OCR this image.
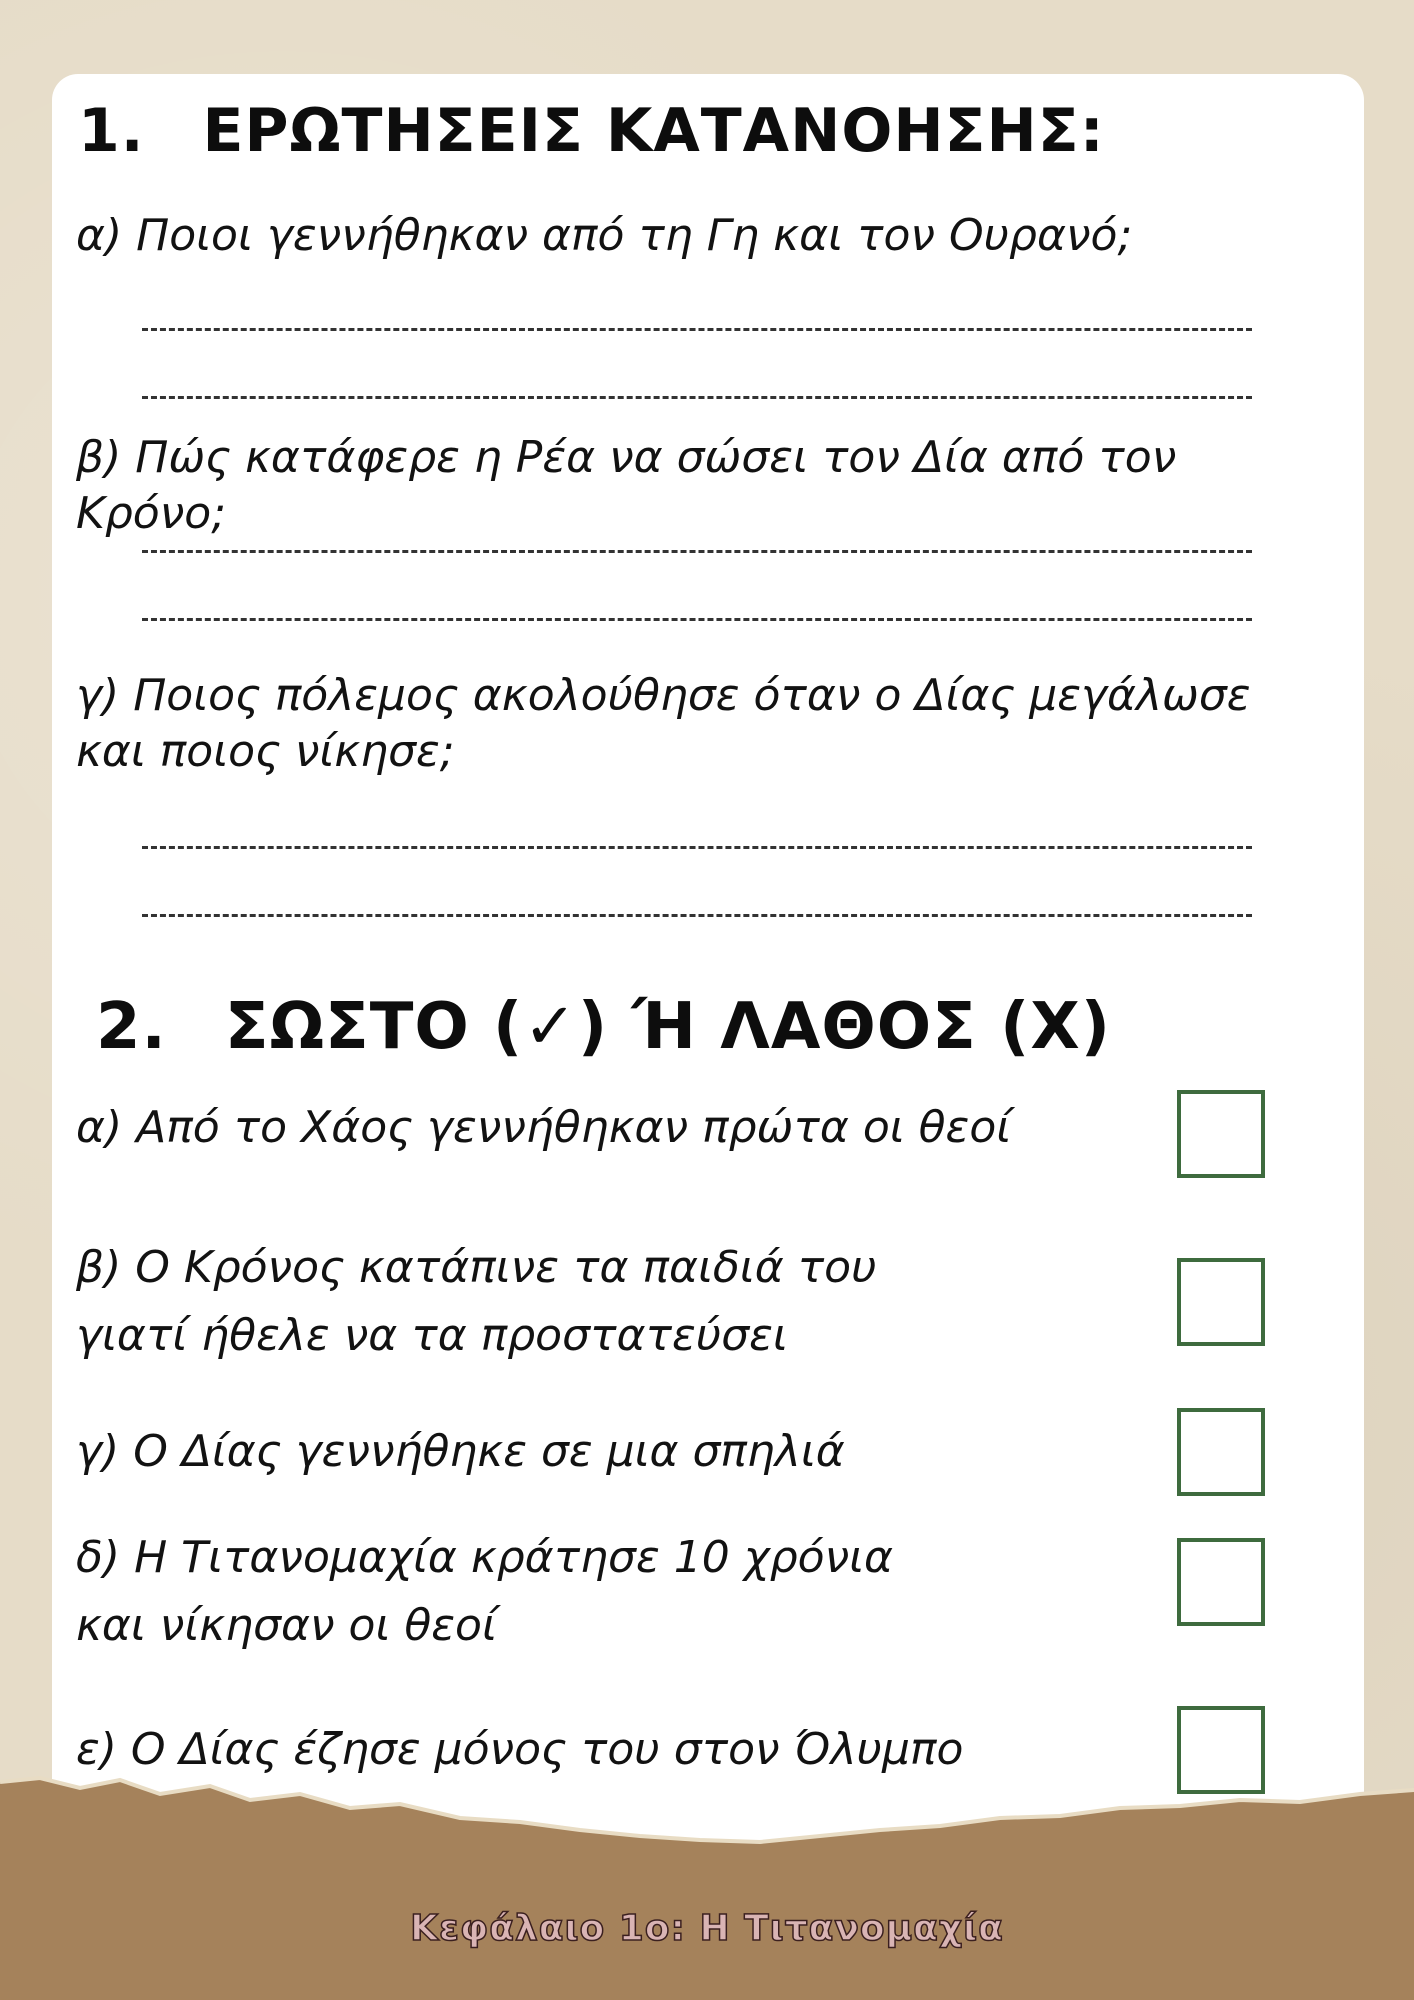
1. ΕΡΩΤΗΣΕΙΣ ΚΑΤΑΝΟΗΣΗΣ:
α) Ποιοι γεννήθηκαν από τη Γη και τον Ουρανό;
β) Πώς κατάφερε η Ρέα να σώσει τον Δία από τον Κρόνο;
γ) Ποιος πόλεμος ακολούθησε όταν ο Δίας μεγάλωσε και ποιος νίκησε;
2. ΣΩΣΤΟ (✓) Ή ΛΑΘΟΣ (Χ)
α) Από το Χάος γεννήθηκαν πρώτα οι θεοί
β) Ο Κρόνος κατάπινε τα παιδιά του γιατί ήθελε να τα προστατεύσει
γ) Ο Δίας γεννήθηκε σε μια σπηλιά
δ) Η Τιτανομαχία κράτησε 10 χρόνια και νίκησαν οι θεοί
ε) Ο Δίας έζησε μόνος του στον Όλυμπο
Κεφάλαιο 1ο: Η Τιτανομαχία
